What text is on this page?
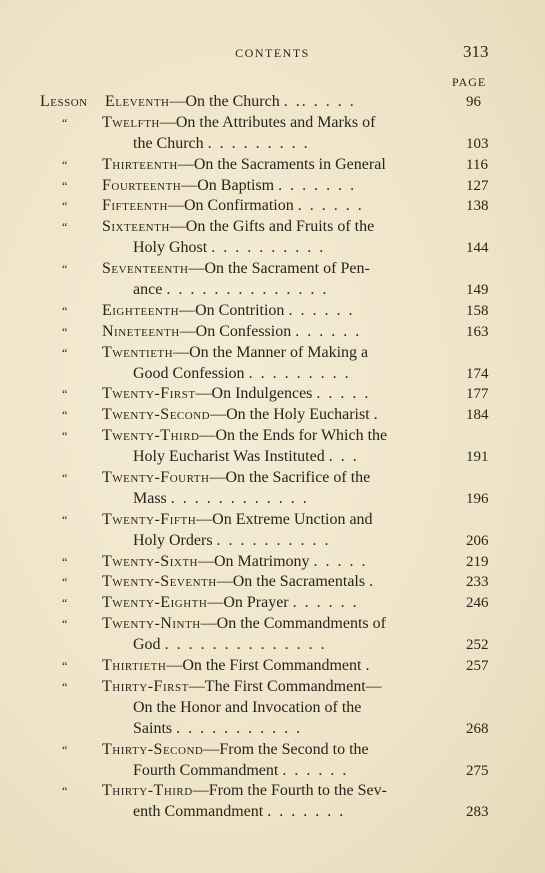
CONTENTS	313
PAGE
Lesson Eleventh—On the Church . .. . . . .	96
“ Twelfth—On the Attributes and Marks of
the Church . . . . . . . . .	103
“ Thirteenth—On the Sacraments in General	116
“ Fourteenth—On Baptism . . . . . . .	127
“ Fifteenth—On Confirmation . . . . . .	138
“ Sixteenth—On the Gifts and Fruits of the
Holy Ghost . . . . . . . . . .	144
“ Seventeenth—On the Sacrament of Pen-
ance . . . . . . . . . . . . . .	149
“ Eighteenth—On Contrition . . . . . .	158
“ Nineteenth—On Confession . . . . . .	163
“ Twentieth—On the Manner of Making a
Good Confession . . . . . . . . .	174
“ Twenty-First—On Indulgences . . . . .	177
“ Twenty-Second—On the Holy Eucharist .	184
“ Twenty-Third—On the Ends for Which the
Holy Eucharist Was Instituted . . .	191
“ Twenty-Fourth—On the Sacrifice of the
Mass . . . . . . . . . . . .	196
“ Twenty-Fifth—On Extreme Unction and
Holy Orders . . . . . . . . . .	206
“ Twenty-Sixth—On Matrimony . . . . .	219
“ Twenty-Seventh—On the Sacramentals .	233
“ Twenty-Eighth—On Prayer . . . . . .	246
“ Twenty-Ninth—On the Commandments of
God . . . . . . . . . . . . . .	252
“ Thirtieth—On the First Commandment .	257
“ Thirty-First—The First Commandment—
On the Honor and Invocation of the
Saints . . . . . . . . . . .	268
“ Thirty-Second—From the Second to the
Fourth Commandment . . . . . .	275
“ Thirty-Third—From the Fourth to the Sev-
enth Commandment . . . . . . .	283
